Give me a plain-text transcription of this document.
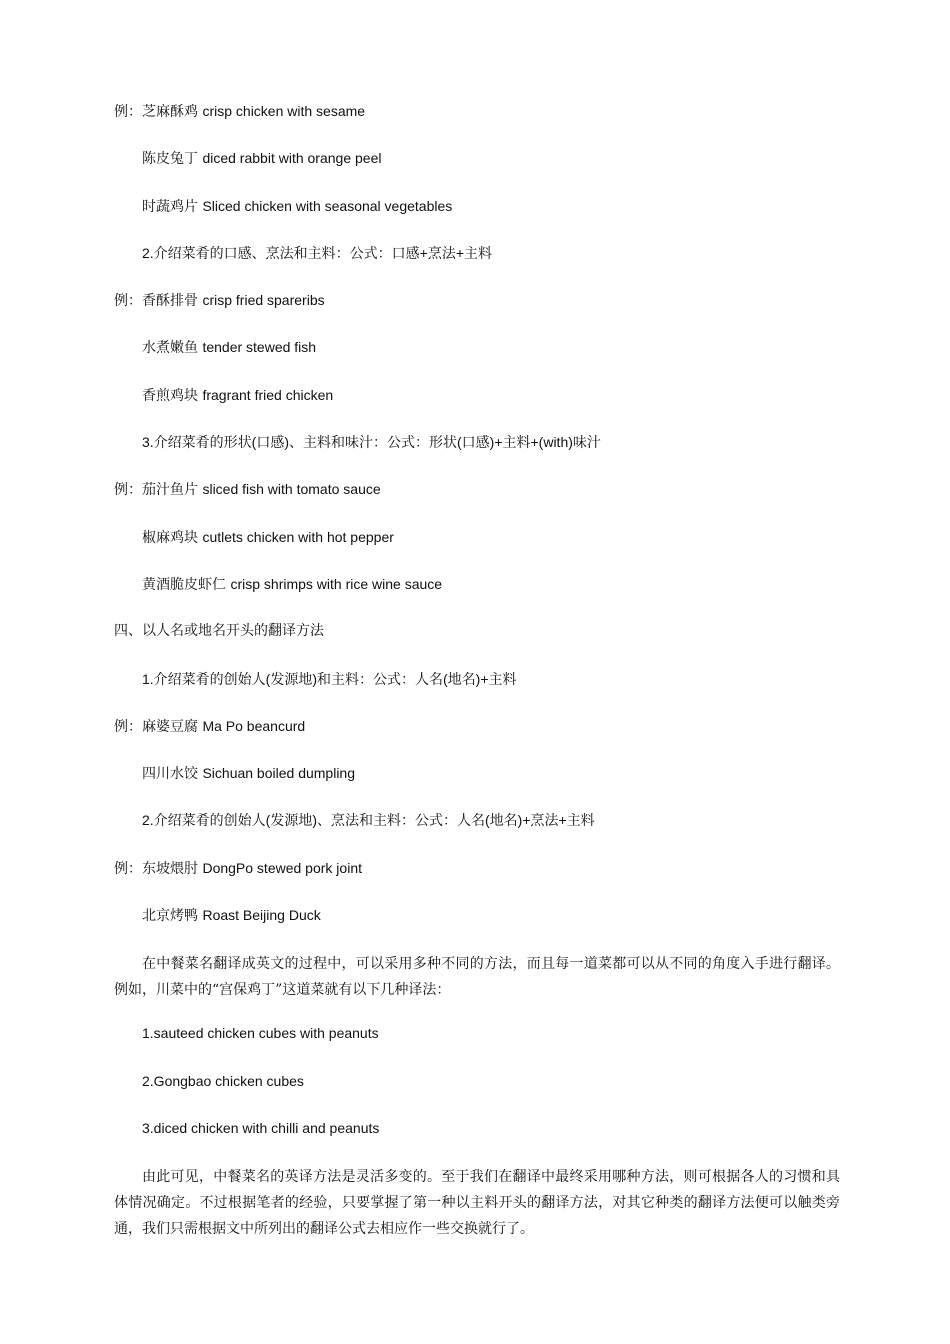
例：芝麻酥鸡 crisp chicken with sesame
陈皮兔丁 diced rabbit with orange peel
时蔬鸡片 Sliced chicken with seasonal vegetables
2.介绍菜肴的口感、烹法和主料：公式：口感+烹法+主料
例：香酥排骨 crisp fried spareribs
水煮嫩鱼 tender stewed fish
香煎鸡块 fragrant fried chicken
3.介绍菜肴的形状(口感)、主料和味汁：公式：形状(口感)+主料+(with)味汁
例：茄汁鱼片 sliced fish with tomato sauce
椒麻鸡块 cutlets chicken with hot pepper
黄酒脆皮虾仁 crisp shrimps with rice wine sauce
四、以人名或地名开头的翻译方法
1.介绍菜肴的创始人(发源地)和主料：公式：人名(地名)+主料
例：麻婆豆腐 Ma Po beancurd
四川水饺 Sichuan boiled dumpling
2.介绍菜肴的创始人(发源地)、烹法和主料：公式：人名(地名)+烹法+主料
例：东坡煨肘 DongPo stewed pork joint
北京烤鸭 Roast Beijing Duck

在中餐菜名翻译成英文的过程中，可以采用多种不同的方法，而且每一道菜都可以从不同的角度入手进行翻译。例如，川菜中的“宫保鸡丁”这道菜就有以下几种译法：

1.sauteed chicken cubes with peanuts
2.Gongbao chicken cubes
3.diced chicken with chilli and peanuts

由此可见，中餐菜名的英译方法是灵活多变的。至于我们在翻译中最终采用哪种方法，则可根据各人的习惯和具体情况确定。不过根据笔者的经验，只要掌握了第一种以主料开头的翻译方法，对其它种类的翻译方法便可以触类旁通，我们只需根据文中所列出的翻译公式去相应作一些交换就行了。
